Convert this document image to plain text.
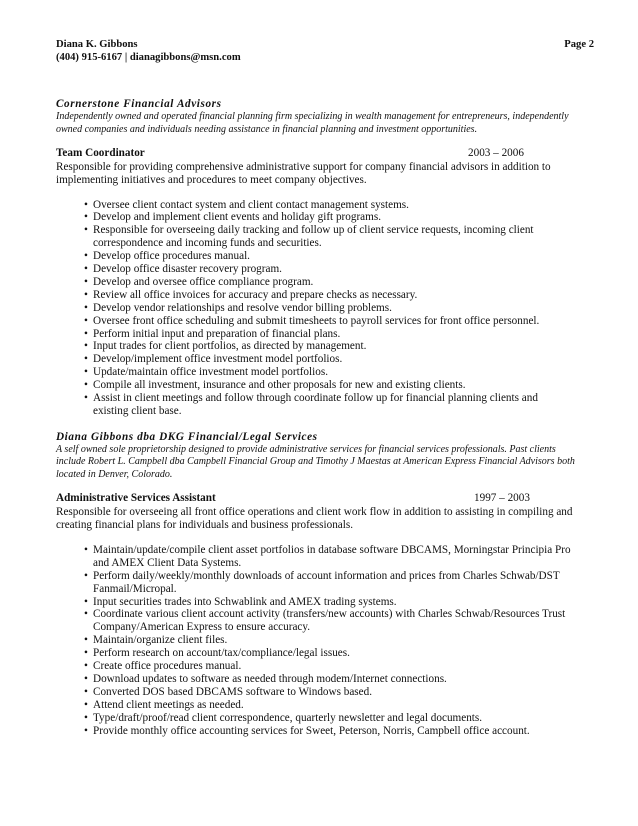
Diana K. Gibbons	Page 2
(404) 915-6167 | dianagibbons@msn.com
Cornerstone Financial Advisors
Independently owned and operated financial planning firm specializing in wealth management for entrepreneurs, independently owned companies and individuals needing assistance in financial planning and investment opportunities.
Team Coordinator	2003 – 2006
Responsible for providing comprehensive administrative support for company financial advisors in addition to implementing initiatives and procedures to meet company objectives.
• Oversee client contact system and client contact management systems.
• Develop and implement client events and holiday gift programs.
• Responsible for overseeing daily tracking and follow up of client service requests, incoming client correspondence and incoming funds and securities.
• Develop office procedures manual.
• Develop office disaster recovery program.
• Develop and oversee office compliance program.
• Review all office invoices for accuracy and prepare checks as necessary.
• Develop vendor relationships and resolve vendor billing problems.
• Oversee front office scheduling and submit timesheets to payroll services for front office personnel.
• Perform initial input and preparation of financial plans.
• Input trades for client portfolios, as directed by management.
• Develop/implement office investment model portfolios.
• Update/maintain office investment model portfolios.
• Compile all investment, insurance and other proposals for new and existing clients.
• Assist in client meetings and follow through coordinate follow up for financial planning clients and existing client base.
Diana Gibbons dba DKG Financial/Legal Services
A self owned sole proprietorship designed to provide administrative services for financial services professionals. Past clients include Robert L. Campbell dba Campbell Financial Group and Timothy J Maestas at American Express Financial Advisors both located in Denver, Colorado.
Administrative Services Assistant	1997 – 2003
Responsible for overseeing all front office operations and client work flow in addition to assisting in compiling and creating financial plans for individuals and business professionals.
• Maintain/update/compile client asset portfolios in database software DBCAMS, Morningstar Principia Pro and AMEX Client Data Systems.
• Perform daily/weekly/monthly downloads of account information and prices from Charles Schwab/DST Fanmail/Micropal.
• Input securities trades into Schwablink and AMEX trading systems.
• Coordinate various client account activity (transfers/new accounts) with Charles Schwab/Resources Trust Company/American Express to ensure accuracy.
• Maintain/organize client files.
• Perform research on account/tax/compliance/legal issues.
• Create office procedures manual.
• Download updates to software as needed through modem/Internet connections.
• Converted DOS based DBCAMS software to Windows based.
• Attend client meetings as needed.
• Type/draft/proof/read client correspondence, quarterly newsletter and legal documents.
• Provide monthly office accounting services for Sweet, Peterson, Norris, Campbell office account.
